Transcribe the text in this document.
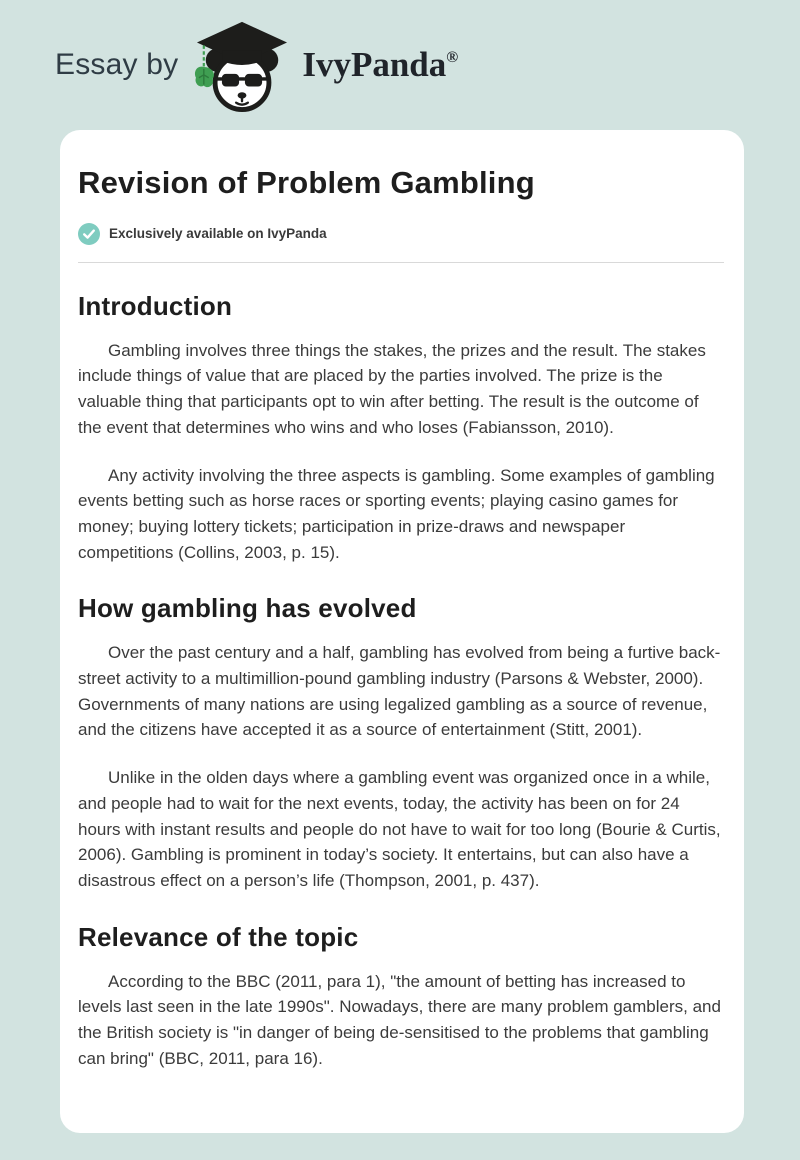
Essay by	IvyPanda®
Revision of Problem Gambling
Exclusively available on IvyPanda
Introduction

Gambling involves three things the stakes, the prizes and the result. The stakes include things of value that are placed by the parties involved. The prize is the valuable thing that participants opt to win after betting. The result is the outcome of the event that determines who wins and who loses (Fabiansson, 2010).

Any activity involving the three aspects is gambling. Some examples of gambling events betting such as horse races or sporting events; playing casino games for money; buying lottery tickets; participation in prize-draws and newspaper competitions (Collins, 2003, p. 15).

How gambling has evolved

Over the past century and a half, gambling has evolved from being a furtive back-street activity to a multimillion-pound gambling industry (Parsons & Webster, 2000). Governments of many nations are using legalized gambling as a source of revenue, and the citizens have accepted it as a source of entertainment (Stitt, 2001).

Unlike in the olden days where a gambling event was organized once in a while, and people had to wait for the next events, today, the activity has been on for 24 hours with instant results and people do not have to wait for too long (Bourie & Curtis, 2006). Gambling is prominent in today’s society. It entertains, but can also have a disastrous effect on a person’s life (Thompson, 2001, p. 437).

Relevance of the topic

According to the BBC (2011, para 1), "the amount of betting has increased to levels last seen in the late 1990s". Nowadays, there are many problem gamblers, and the British society is "in danger of being de-sensitised to the problems that gambling can bring" (BBC, 2011, para 16).
